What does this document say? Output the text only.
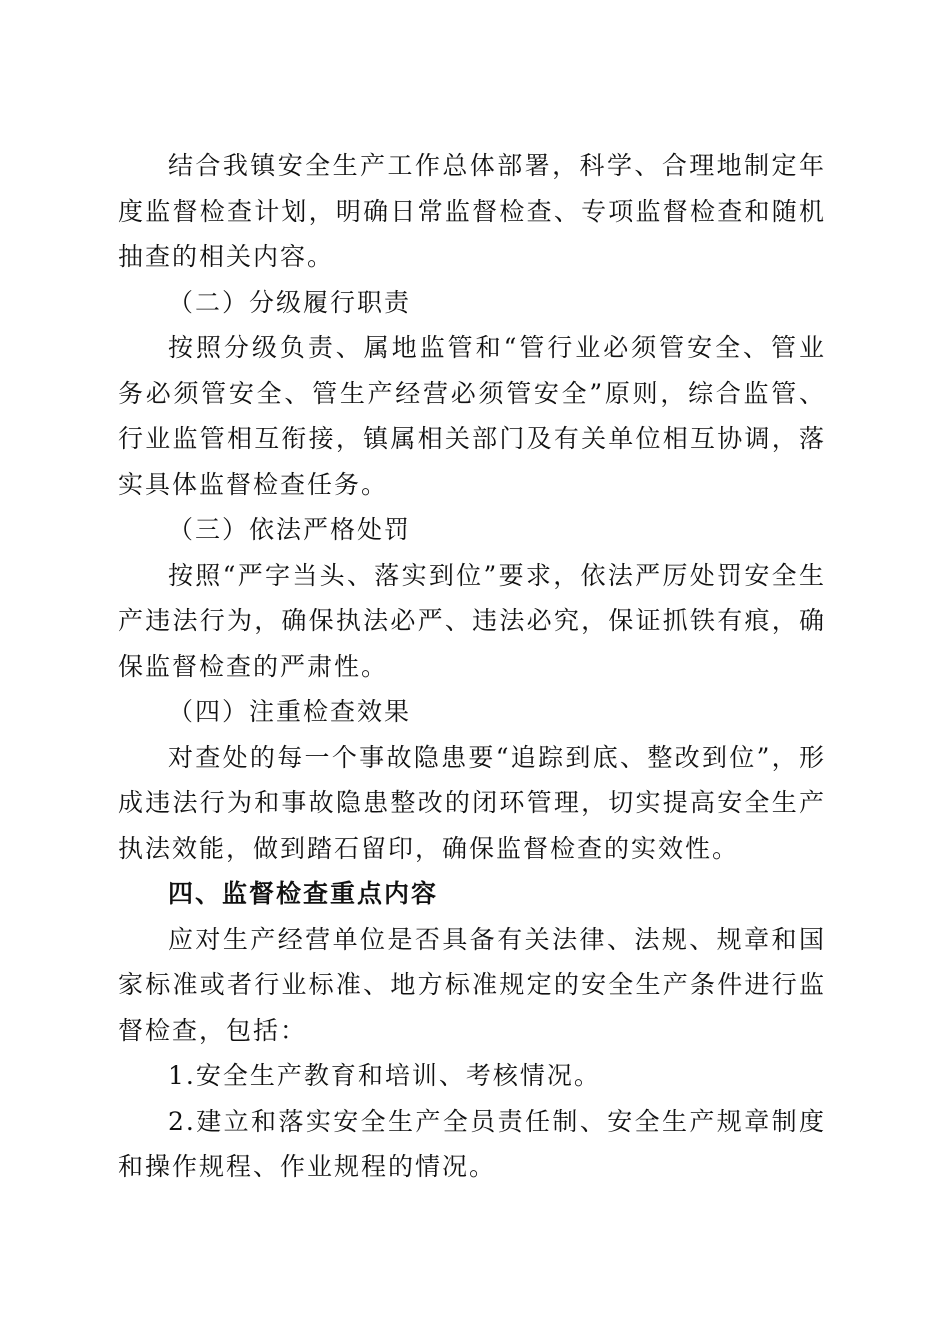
结合我镇安全生产工作总体部署，科学、合理地制定年度监督检查计划，明确日常监督检查、专项监督检查和随机抽查的相关内容。

（二）分级履行职责

按照分级负责、属地监管和“管行业必须管安全、管业务必须管安全、管生产经营必须管安全”原则，综合监管、行业监管相互衔接，镇属相关部门及有关单位相互协调，落实具体监督检查任务。

（三）依法严格处罚

按照“严字当头、落实到位”要求，依法严厉处罚安全生产违法行为，确保执法必严、违法必究，保证抓铁有痕，确保监督检查的严肃性。

（四）注重检查效果

对查处的每一个事故隐患要“追踪到底、整改到位”，形成违法行为和事故隐患整改的闭环管理，切实提高安全生产执法效能，做到踏石留印，确保监督检查的实效性。

四、监督检查重点内容

应对生产经营单位是否具备有关法律、法规、规章和国家标准或者行业标准、地方标准规定的安全生产条件进行监督检查，包括：

1.安全生产教育和培训、考核情况。

2.建立和落实安全生产全员责任制、安全生产规章制度和操作规程、作业规程的情况。
